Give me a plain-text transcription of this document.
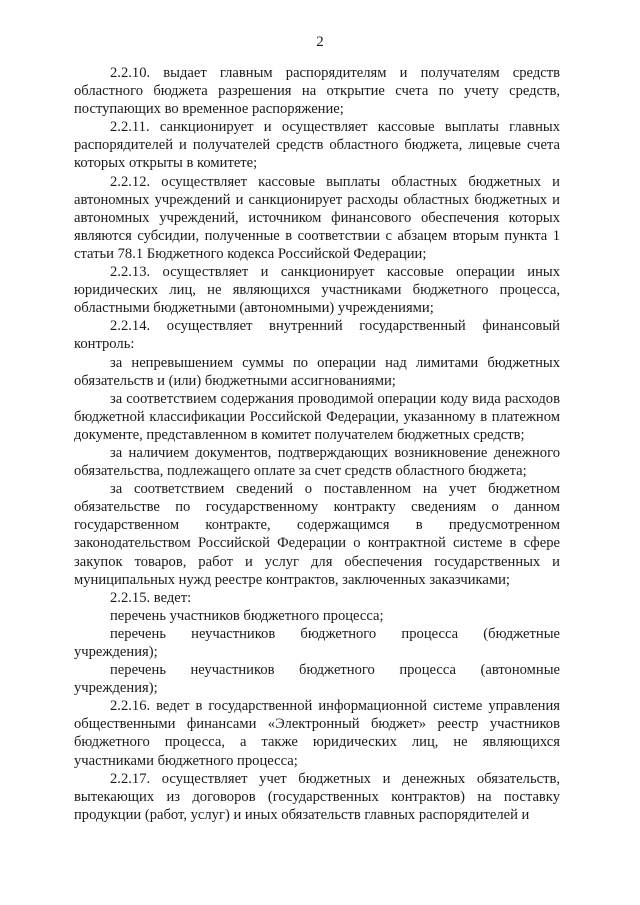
2

2.2.10. выдает главным распорядителям и получателям средств областного бюджета разрешения на открытие счета по учету средств, поступающих во временное распоряжение;

2.2.11. санкционирует и осуществляет кассовые выплаты главных распорядителей и получателей средств областного бюджета, лицевые счета которых открыты в комитете;

2.2.12. осуществляет кассовые выплаты областных бюджетных и автономных учреждений и санкционирует расходы областных бюджетных и автономных учреждений, источником финансового обеспечения которых являются субсидии, полученные в соответствии с абзацем вторым пункта 1 статьи 78.1 Бюджетного кодекса Российской Федерации;

2.2.13. осуществляет и санкционирует кассовые операции иных юридических лиц, не являющихся участниками бюджетного процесса, областными бюджетными (автономными) учреждениями;

2.2.14. осуществляет внутренний государственный финансовый контроль:

за непревышением суммы по операции над лимитами бюджетных обязательств и (или) бюджетными ассигнованиями;

за соответствием содержания проводимой операции коду вида расходов бюджетной классификации Российской Федерации, указанному в платежном документе, представленном в комитет получателем бюджетных средств;

за наличием документов, подтверждающих возникновение денежного обязательства, подлежащего оплате за счет средств областного бюджета;

за соответствием сведений о поставленном на учет бюджетном обязательстве по государственному контракту сведениям о данном государственном контракте, содержащимся в предусмотренном законодательством Российской Федерации о контрактной системе в сфере закупок товаров, работ и услуг для обеспечения государственных и муниципальных нужд реестре контрактов, заключенных заказчиками;

2.2.15. ведет:

перечень участников бюджетного процесса;

перечень неучастников бюджетного процесса (бюджетные учреждения);

перечень неучастников бюджетного процесса (автономные учреждения);

2.2.16. ведет в государственной информационной системе управления общественными финансами «Электронный бюджет» реестр участников бюджетного процесса, а также юридических лиц, не являющихся участниками бюджетного процесса;

2.2.17. осуществляет учет бюджетных и денежных обязательств, вытекающих из договоров (государственных контрактов) на поставку продукции (работ, услуг) и иных обязательств главных распорядителей и
